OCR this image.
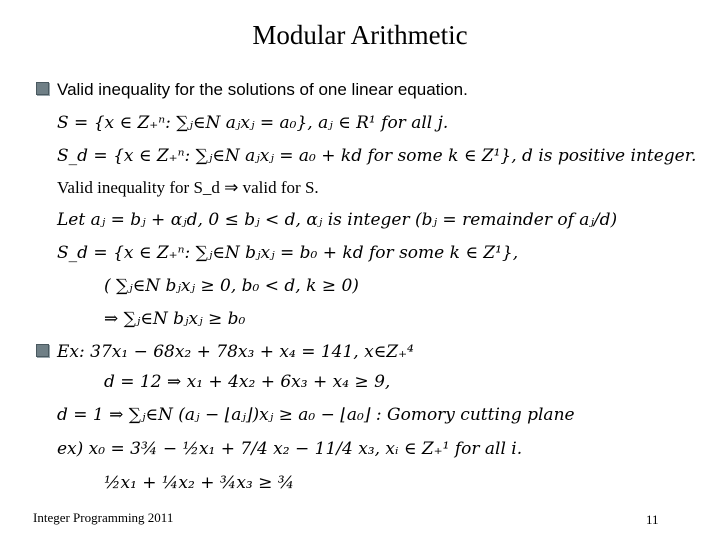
Modular Arithmetic
Valid inequality for the solutions of one linear equation.
S = {x ∈ Z₊ⁿ: ∑ⱼ∈N aⱼxⱼ = a₀}, aⱼ ∈ R¹ for all j.
S_d = {x ∈ Z₊ⁿ: ∑ⱼ∈N aⱼxⱼ = a₀ + kd for some k ∈ Z¹}, d is positive integer.
Valid inequality for S_d ⇒ valid for S.
Let aⱼ = bⱼ + αⱼd, 0 ≤ bⱼ < d, αⱼ is integer (bⱼ = remainder of aⱼ/d)
S_d = {x ∈ Z₊ⁿ: ∑ⱼ∈N bⱼxⱼ = b₀ + kd for some k ∈ Z¹},
( ∑ⱼ∈N bⱼxⱼ ≥ 0, b₀ < d, k ≥ 0)
⇒ ∑ⱼ∈N bⱼxⱼ ≥ b₀
Ex: 37x₁ − 68x₂ + 78x₃ + x₄ = 141, x∈Z₊⁴
d = 12 ⇒ x₁ + 4x₂ + 6x₃ + x₄ ≥ 9,
d = 1 ⇒ ∑ⱼ∈N (aⱼ − ⌊aⱼ⌋)xⱼ ≥ a₀ − ⌊a₀⌋ : Gomory cutting plane
ex) x₀ = 3¾ − ½x₁ + 7/4 x₂ − 11/4 x₃, xᵢ ∈ Z₊¹ for all i.
½x₁ + ¼x₂ + ¾x₃ ≥ ¾
Integer Programming 2011	11
